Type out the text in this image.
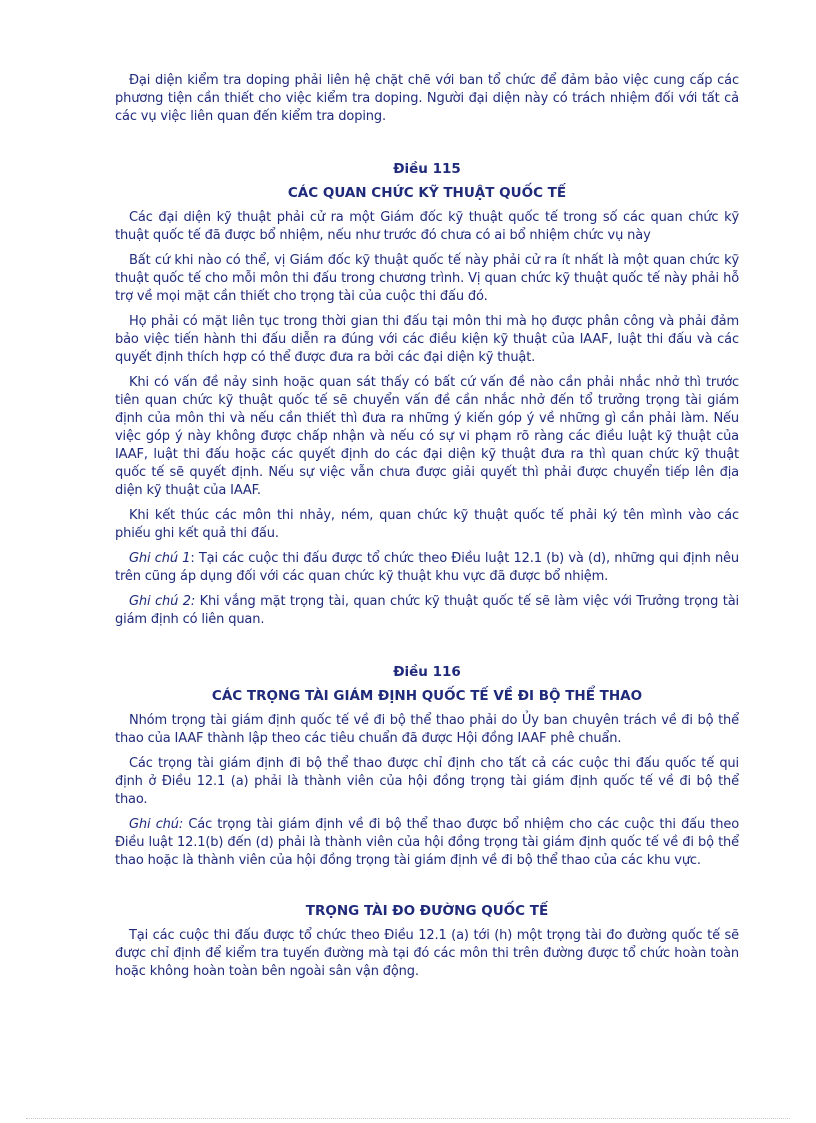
Đại diện kiểm tra doping phải liên hệ chặt chẽ với ban tổ chức để đảm bảo việc cung cấp các phương tiện cần thiết cho việc kiểm tra doping. Người đại diện này có trách nhiệm đối với tất cả các vụ việc liên quan đến kiểm tra doping.

Điều 115
CÁC QUAN CHỨC KỸ THUẬT QUỐC TẾ

Các đại diện kỹ thuật phải cử ra một Giám đốc kỹ thuật quốc tế trong số các quan chức kỹ thuật quốc tế đã được bổ nhiệm, nếu như trước đó chưa có ai bổ nhiệm chức vụ này

Bất cứ khi nào có thể, vị Giám đốc kỹ thuật quốc tế này phải cử ra ít nhất là một quan chức kỹ thuật quốc tế cho mỗi môn thi đấu trong chương trình. Vị quan chức kỹ thuật quốc tế này phải hỗ trợ về mọi mặt cần thiết cho trọng tài của cuộc thi đấu đó.

Họ phải có mặt liên tục trong thời gian thi đấu tại môn thi mà họ được phân công và phải đảm bảo việc tiến hành thi đấu diễn ra đúng với các điều kiện kỹ thuật của IAAF, luật thi đấu và các quyết định thích hợp có thể được đưa ra bởi các đại diện kỹ thuật.

Khi có vấn đề nảy sinh hoặc quan sát thấy có bất cứ vấn đề nào cần phải nhắc nhở thì trước tiên quan chức kỹ thuật quốc tế sẽ chuyển vấn đề cần nhắc nhở đến tổ trưởng trọng tài giám định của môn thi và nếu cần thiết thì đưa ra những ý kiến góp ý về những gì cần phải làm. Nếu việc góp ý này không được chấp nhận và nếu có sự vi phạm rõ ràng các điều luật kỹ thuật của IAAF, luật thi đấu hoặc các quyết định do các đại diện kỹ thuật đưa ra thì quan chức kỹ thuật quốc tế sẽ quyết định. Nếu sự việc vẫn chưa được giải quyết thì phải được chuyển tiếp lên địa diện kỹ thuật của IAAF.

Khi kết thúc các môn thi nhảy, ném, quan chức kỹ thuật quốc tế phải ký tên mình vào các phiếu ghi kết quả thi đấu.

Ghi chú 1: Tại các cuộc thi đấu được tổ chức theo Điều luật 12.1 (b) và (d), những qui định nêu trên cũng áp dụng đối với các quan chức kỹ thuật khu vực đã được bổ nhiệm.

Ghi chú 2: Khi vắng mặt trọng tài, quan chức kỹ thuật quốc tế sẽ làm việc với Trưởng trọng tài giám định có liên quan.

Điều 116
CÁC TRỌNG TÀI GIÁM ĐỊNH QUỐC TẾ VỀ ĐI BỘ THỂ THAO

Nhóm trọng tài giám định quốc tế về đi bộ thể thao phải do Ủy ban chuyên trách về đi bộ thể thao của IAAF thành lập theo các tiêu chuẩn đã được Hội đồng IAAF phê chuẩn.

Các trọng tài giám định đi bộ thể thao được chỉ định cho tất cả các cuộc thi đấu quốc tế qui định ở Điều 12.1 (a) phải là thành viên của hội đồng trọng tài giám định quốc tế về đi bộ thể thao.

Ghi chú: Các trọng tài giám định về đi bộ thể thao được bổ nhiệm cho các cuộc thi đấu theo Điều luật 12.1(b) đến (d) phải là thành viên của hội đồng trọng tài giám định quốc tế về đi bộ thể thao hoặc là thành viên của hội đồng trọng tài giám định về đi bộ thể thao của các khu vực.

TRỌNG TÀI ĐO ĐƯỜNG QUỐC TẾ

Tại các cuộc thi đấu được tổ chức theo Điều 12.1 (a) tới (h) một trọng tài đo đường quốc tế sẽ được chỉ định để kiểm tra tuyến đường mà tại đó các môn thi trên đường được tổ chức hoàn toàn hoặc không hoàn toàn bên ngoài sân vận động.
